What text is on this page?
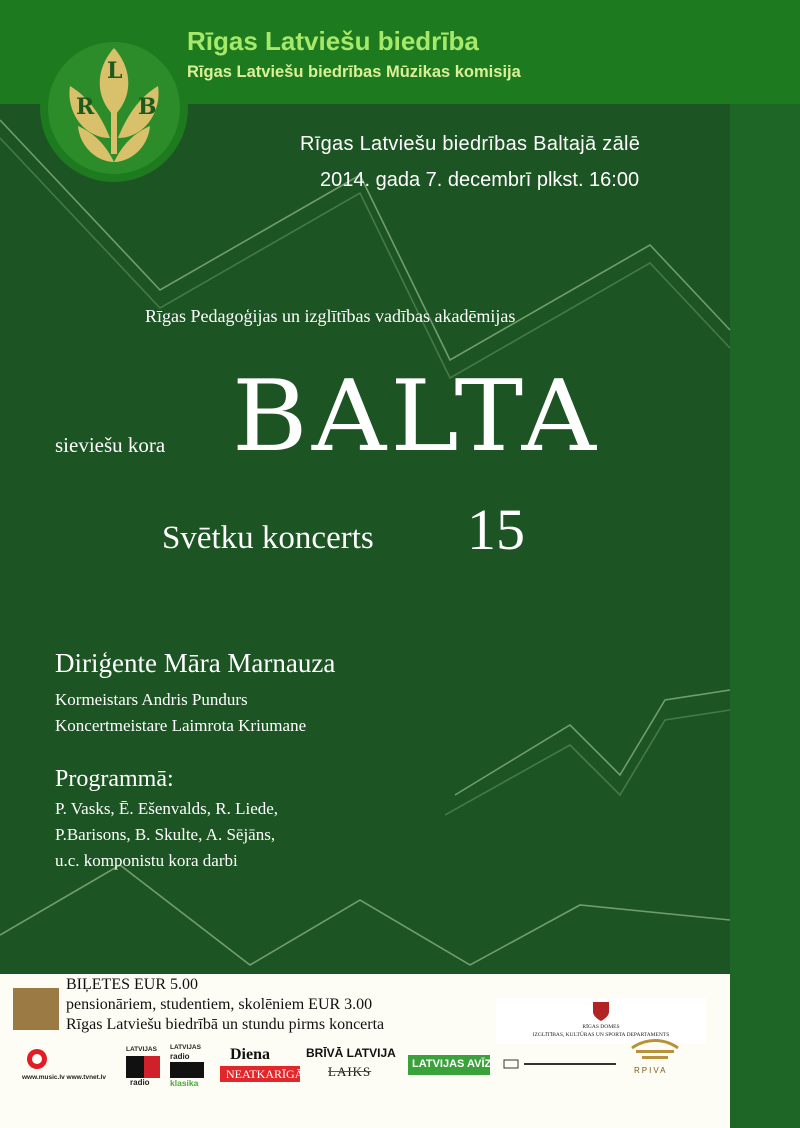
L
R B
Rīgas Latviešu biedrība
Rīgas Latviešu biedrības Mūzikas komisija
Rīgas Latviešu biedrības Baltajā zālē
2014. gada 7. decembrī plkst. 16:00
Rīgas Pedagoģijas un izglītības vadības akadēmijas
sieviešu kora BALTA
Svētku koncerts 15
Diriģente Māra Marnauza
Kormeistars Andris Pundurs
Koncertmeistare Laimrota Kriumane
Programmā:
P. Vasks, Ē. Ešenvalds, R. Liede,
P.Barisons, B. Skulte, A. Sējāns,
u.c. komponistu kora darbi
BIĻETES EUR 5.00
pensionāriem, studentiem, skolēniem EUR 3.00
Rīgas Latviešu biedrībā un stundu pirms koncerta
www.music.lv www.tvnet.lv
LATVIJAS
radio
LATVIJAS
radio
klasika
Diena
NEATKARĪGĀ
BRĪVĀ LATVIJA
LAIKS	LATVIJAS AVĪZE
RĪGAS DOMES
IZGLĪTĪBAS, KULTŪRAS UN SPORTA DEPARTAMENTS
RPIVA
